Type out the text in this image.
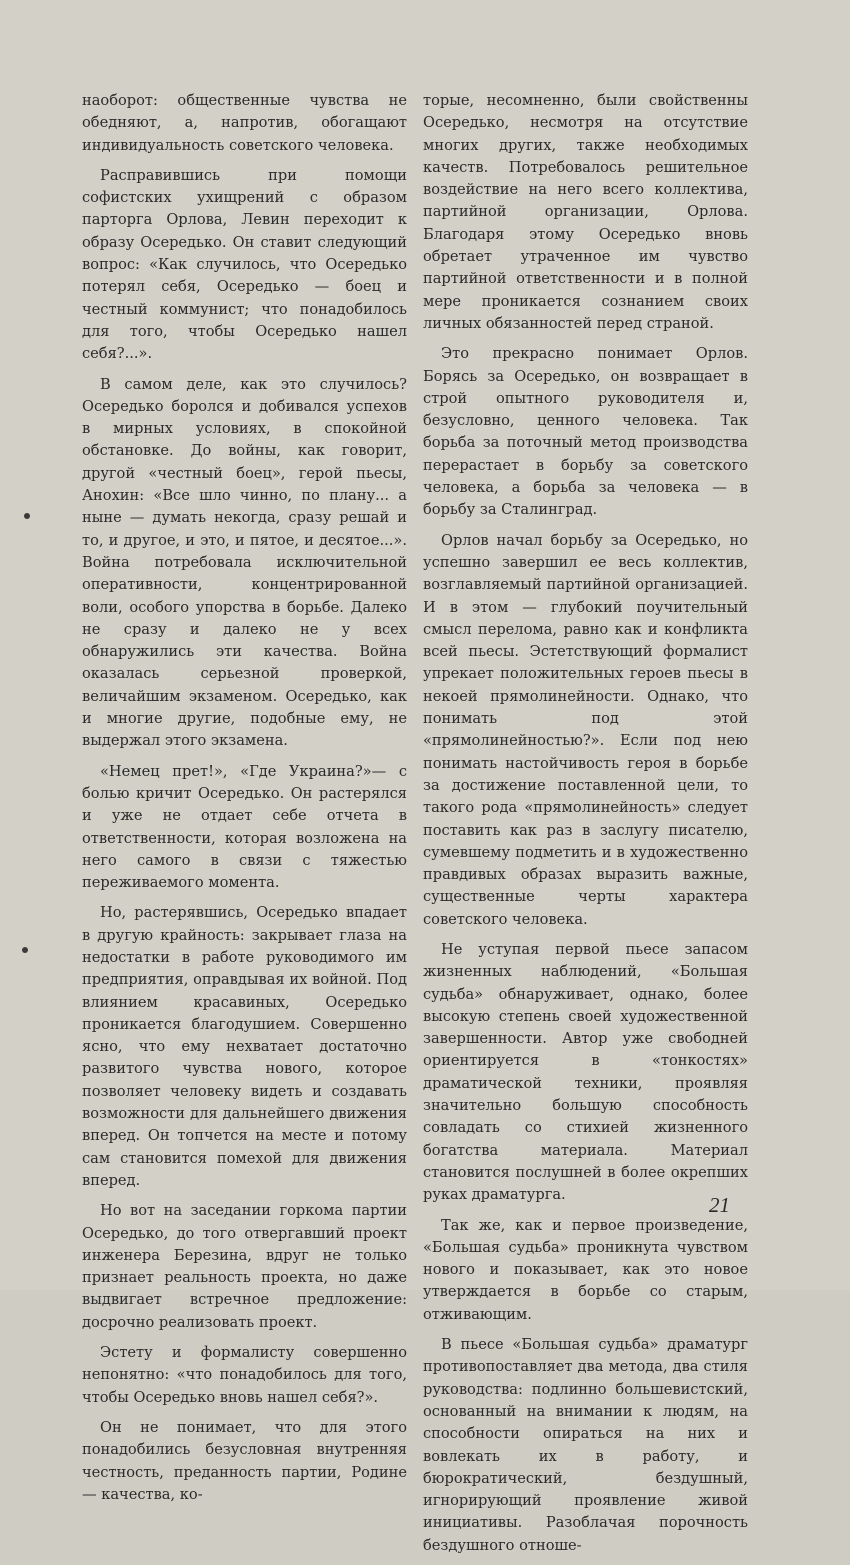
наоборот: общественные чувства не обедняют, а, напротив, обогащают индивидуальность советского человека.

Расправившись при помощи софистских ухищрений с образом парторга Орлова, Левин переходит к образу Осередько. Он ставит следующий вопрос: «Как случилось, что Осередько потерял себя, Осередько — боец и честный коммунист; что понадобилось для того, чтобы Осередько нашел себя?...».

В самом деле, как это случилось? Осередько боролся и добивался успехов в мирных условиях, в спокойной обстановке. До войны, как говорит, другой «честный боец», герой пьесы, Анохин: «Все шло чинно, по плану... а ныне — думать некогда, сразу решай и то, и другое, и это, и пятое, и десятое...». Война потребовала исключительной оперативности, концентрированной воли, особого упорства в борьбе. Далеко не сразу и далеко не у всех обнаружились эти качества. Война оказалась серьезной проверкой, величайшим экзаменом. Осередько, как и многие другие, подобные ему, не выдержал этого экзамена.

«Немец прет!», «Где Украина?»— с болью кричит Осередько. Он растерялся и уже не отдает себе отчета в ответственности, которая возложена на него самого в связи с тяжестью переживаемого момента.

Но, растерявшись, Осередько впадает в другую крайность: закрывает глаза на недостатки в работе руководимого им предприятия, оправдывая их войной. Под влиянием красавиных, Осередько проникается благодушием. Совершенно ясно, что ему нехватает достаточно развитого чувства нового, которое позволяет человеку видеть и создавать возможности для дальнейшего движения вперед. Он топчется на месте и потому сам становится помехой для движения вперед.

Но вот на заседании горкома партии Осередько, до того отвергавший проект инженера Березина, вдруг не только признает реальность проекта, но даже выдвигает встречное предложение: досрочно реализовать проект.

Эстету и формалисту совершенно непонятно: «что понадобилось для того, чтобы Осередько вновь нашел себя?».

Он не понимает, что для этого понадобились безусловная внутренняя честность, преданность партии, Родине — качества, ко-

торые, несомненно, были свойственны Осередько, несмотря на отсутствие многих других, также необходимых качеств. Потребовалось решительное воздействие на него всего коллектива, партийной организации, Орлова. Благодаря этому Осередько вновь обретает утраченное им чувство партийной ответственности и в полной мере проникается сознанием своих личных обязанностей перед страной.

Это прекрасно понимает Орлов. Борясь за Осередько, он возвращает в строй опытного руководителя и, безусловно, ценного человека. Так борьба за поточный метод производства перерастает в борьбу за советского человека, а борьба за человека — в борьбу за Сталинград.

Орлов начал борьбу за Осередько, но успешно завершил ее весь коллектив, возглавляемый партийной организацией. И в этом — глубокий поучительный смысл перелома, равно как и конфликта всей пьесы. Эстетствующий формалист упрекает положительных героев пьесы в некоей прямолинейности. Однако, что понимать под этой «прямолинейностью?». Если под нею понимать настойчивость героя в борьбе за достижение поставленной цели, то такого рода «прямолинейность» следует поставить как раз в заслугу писателю, сумевшему подметить и в художественно правдивых образах выразить важные, существенные черты характера советского человека.

Не уступая первой пьесе запасом жизненных наблюдений, «Большая судьба» обнаруживает, однако, более высокую степень своей художественной завершенности. Автор уже свободней ориентируется в «тонкостях» драматической техники, проявляя значительно большую способность совладать со стихией жизненного богатства материала. Материал становится послушней в более окрепших руках драматурга.

Так же, как и первое произведение, «Большая судьба» проникнута чувством нового и показывает, как это новое утверждается в борьбе со старым, отживающим.

В пьесе «Большая судьба» драматург противопоставляет два метода, два стиля руководства: подлинно большевистский, основанный на внимании к людям, на способности опираться на них и вовлекать их в работу, и бюрократический, бездушный, игнорирующий проявление живой инициативы. Разоблачая порочность бездушного отноше-

21
